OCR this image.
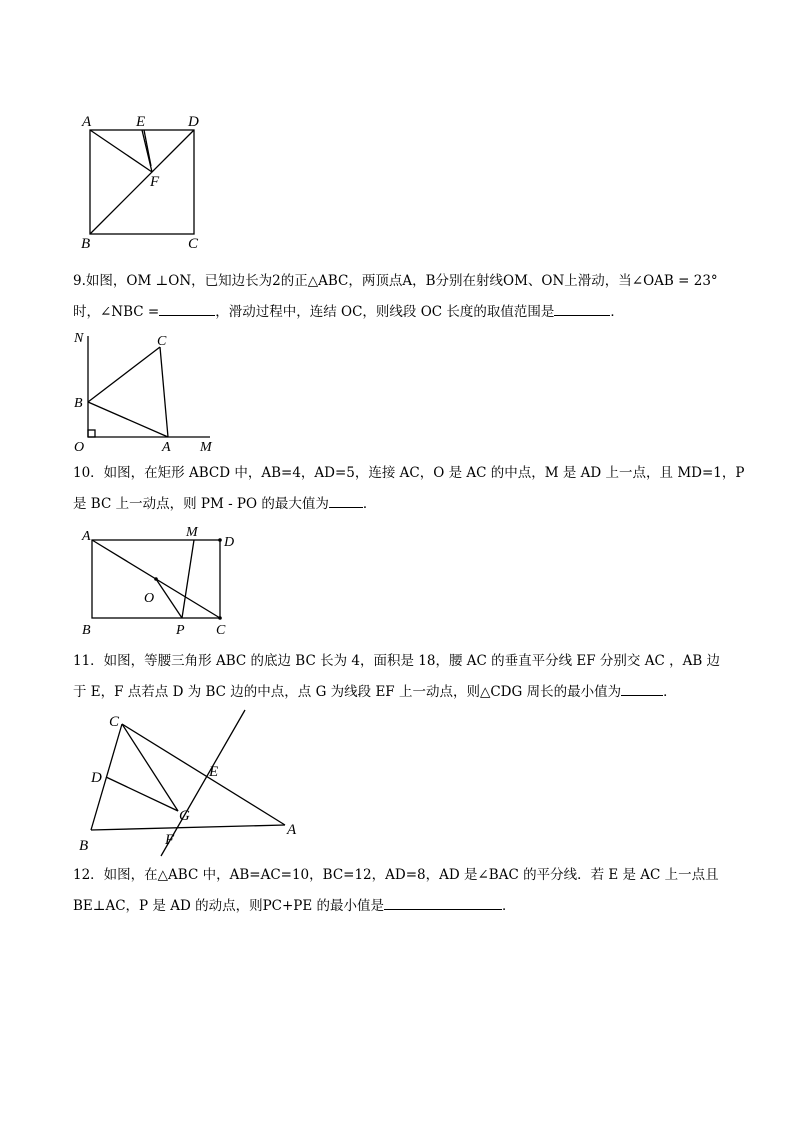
A	E	D
F
B	C
9.如图，OM ⊥ON，已知边长为2的正△ABC，两顶点A，B分别在射线OM、ON上滑动，当∠OAB = 23°
时，∠NBC =	，滑动过程中，连结 OC，则线段 OC 长度的取值范围是	．
N	C
B
O	A M
10．如图，在矩形 ABCD 中，AB=4，AD=5，连接 AC，O 是 AC 的中点，M 是 AD 上一点，且 MD=1，P
是 BC 上一动点，则 PM - PO 的最大值为	．
A	M
D
O
B	P C
11．如图，等腰三角形 ABC 的底边 BC 长为 4，面积是 18，腰 AC 的垂直平分线 EF 分别交 AC ，AB 边
于 E，F 点若点 D 为 BC 边的中点，点 G 为线段 EF 上一动点，则△CDG 周长的最小值为	．
C
D	E
G
A
F
B
12．如图，在△ABC 中，AB=AC=10，BC=12，AD=8，AD 是∠BAC 的平分线．若 E 是 AC 上一点且
BE⊥AC，P 是 AD 的动点，则PC+PE 的最小值是	．
